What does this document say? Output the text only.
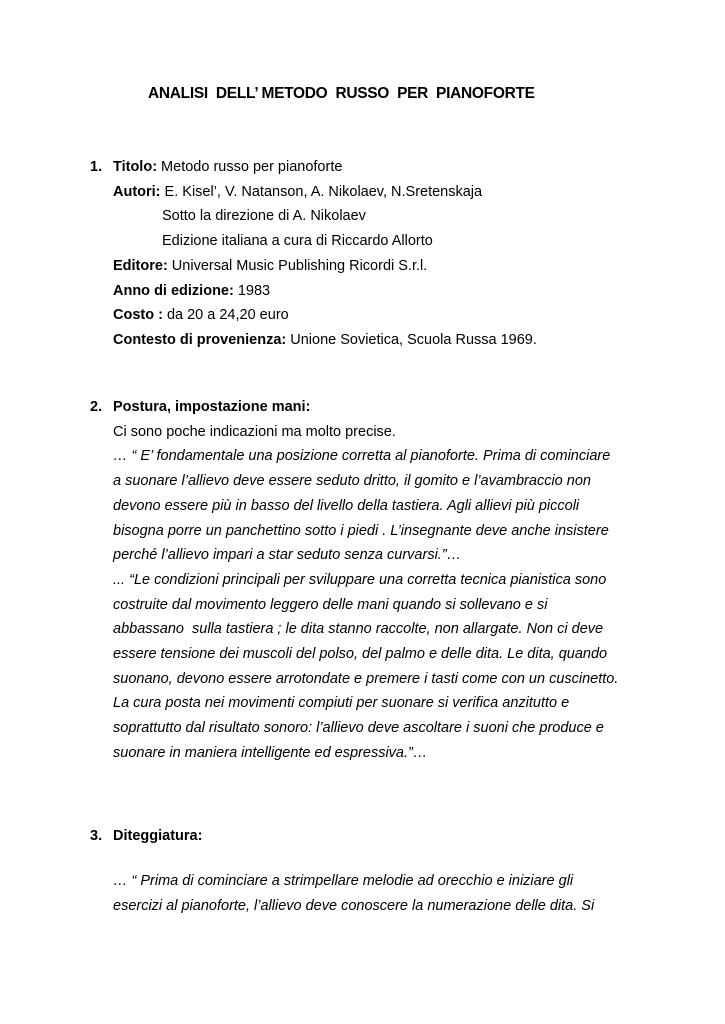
ANALISI  DELL’ METODO  RUSSO  PER  PIANOFORTE
1. Titolo: Metodo russo per pianoforte
Autori: E. Kisel’, V. Natanson, A. Nikolaev, N.Sretenskaja
Sotto la direzione di A. Nikolaev
Edizione italiana a cura di Riccardo Allorto
Editore: Universal Music Publishing Ricordi S.r.l.
Anno di edizione: 1983
Costo : da 20 a 24,20 euro
Contesto di provenienza: Unione Sovietica, Scuola Russa 1969.
2. Postura, impostazione mani:
Ci sono poche indicazioni ma molto precise.
… “ E’ fondamentale una posizione corretta al pianoforte. Prima di cominciare
a suonare l’allievo deve essere seduto dritto, il gomito e l’avambraccio non
devono essere più in basso del livello della tastiera. Agli allievi più piccoli
bisogna porre un panchettino sotto i piedi . L’insegnante deve anche insistere
perché l’allievo impari a star seduto senza curvarsi.”…
... “Le condizioni principali per sviluppare una corretta tecnica pianistica sono
costruite dal movimento leggero delle mani quando si sollevano e si
abbassano  sulla tastiera ; le dita stanno raccolte, non allargate. Non ci deve
essere tensione dei muscoli del polso, del palmo e delle dita. Le dita, quando
suonano, devono essere arrotondate e premere i tasti come con un cuscinetto.
La cura posta nei movimenti compiuti per suonare si verifica anzitutto e
soprattutto dal risultato sonoro: l’allievo deve ascoltare i suoni che produce e
suonare in maniera intelligente ed espressiva.”…
3. Diteggiatura:
… “ Prima di cominciare a strimpellare melodie ad orecchio e iniziare gli
esercizi al pianoforte, l’allievo deve conoscere la numerazione delle dita. Si
